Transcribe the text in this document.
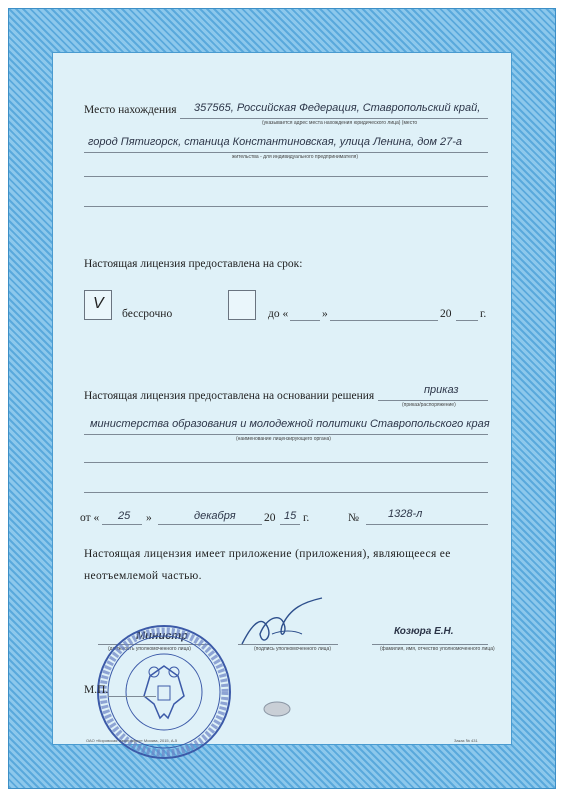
Место нахождения 357565, Российская Федерация, Ставропольский край,
(указывается адрес места нахождения юридического лица) (место
город Пятигорск, станица Константиновская, улица Ленина, дом 27-а
жительства - для индивидуального предпринимателя)
Настоящая лицензия предоставлена на срок:
V
бессрочно	до «	»	20 г.
Настоящая лицензия предоставлена на основании решения	приказ
(приказ/распоряжение)
министерства образования и молодежной политики Ставропольского края
(наименование лицензирующего органа)
от « 25 »	декабря 20 15 г.	№	1328-л
Настоящая лицензия имеет приложение (приложения), являющееся ее
неотъемлемой частью.
Министр
(должность уполномоченного лица)	(подпись уполномоченного лица)
Козюра Е.Н.
(фамилия, имя, отчество уполномоченного лица)
М.П.
ОАО «Кировская типография» Москва, 2015, А-5	Заказ № 431
